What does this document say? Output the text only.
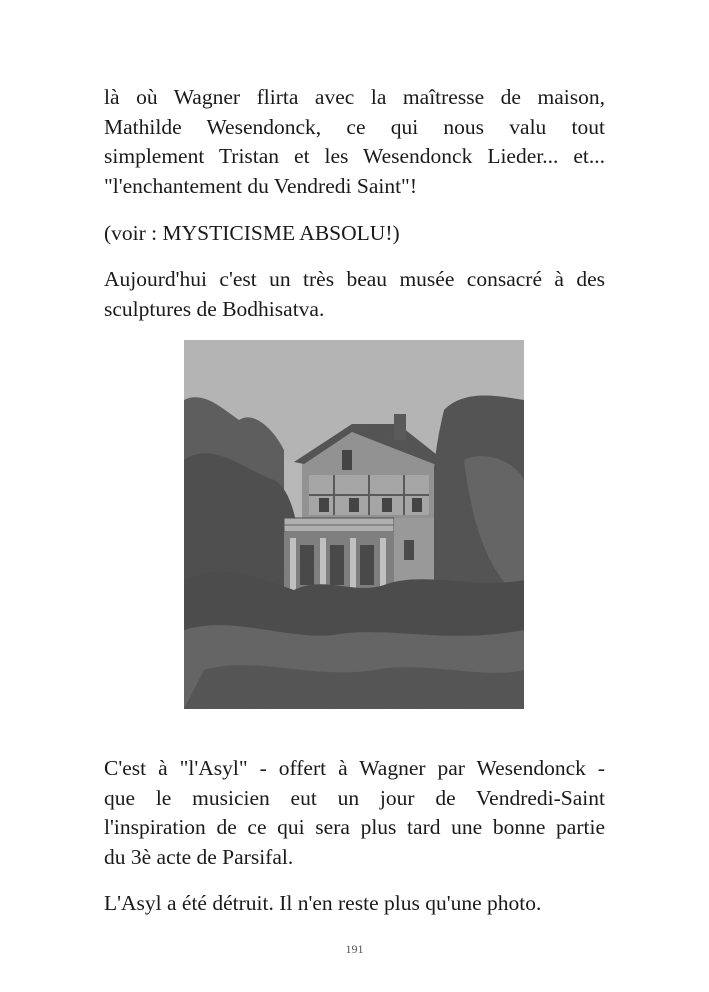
là où Wagner flirta avec la maîtresse de maison,
Mathilde Wesendonck, ce qui nous valu tout
simplement Tristan et les Wesendonck Lieder... et...
"l'enchantement du Vendredi Saint"!
(voir : MYSTICISME ABSOLU!)
Aujourd'hui c'est un très beau musée consacré à des
sculptures de Bodhisatva.
C'est à "l'Asyl" - offert à Wagner par Wesendonck -
que le musicien eut un jour de Vendredi-Saint
l'inspiration de ce qui sera plus tard une bonne partie
du 3è acte de Parsifal.
L'Asyl a été détruit. Il n'en reste plus qu'une photo.
191
